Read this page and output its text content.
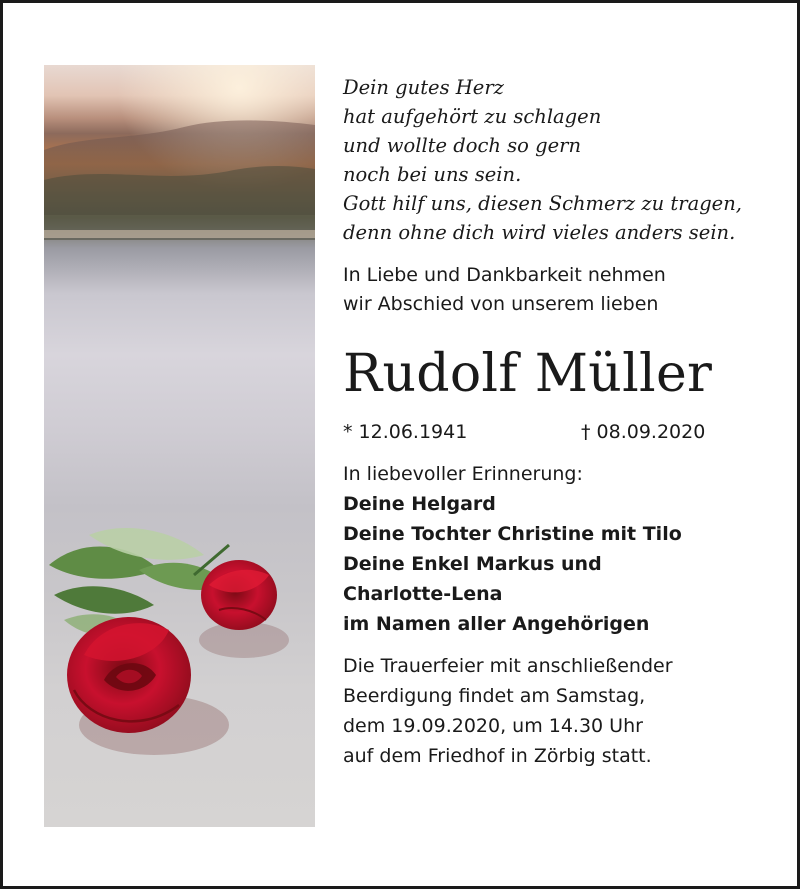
Dein gutes Herz
hat aufgehört zu schlagen
und wollte doch so gern
noch bei uns sein.
Gott hilf uns, diesen Schmerz zu tragen,
denn ohne dich wird vieles anders sein.
In Liebe und Dankbarkeit nehmen
wir Abschied von unserem lieben
Rudolf Müller
* 12.06.1941	† 08.09.2020
In liebevoller Erinnerung:
Deine Helgard
Deine Tochter Christine mit Tilo
Deine Enkel Markus und
Charlotte-Lena
im Namen aller Angehörigen
Die Trauerfeier mit anschließender
Beerdigung findet am Samstag,
dem 19.09.2020, um 14.30 Uhr
auf dem Friedhof in Zörbig statt.
